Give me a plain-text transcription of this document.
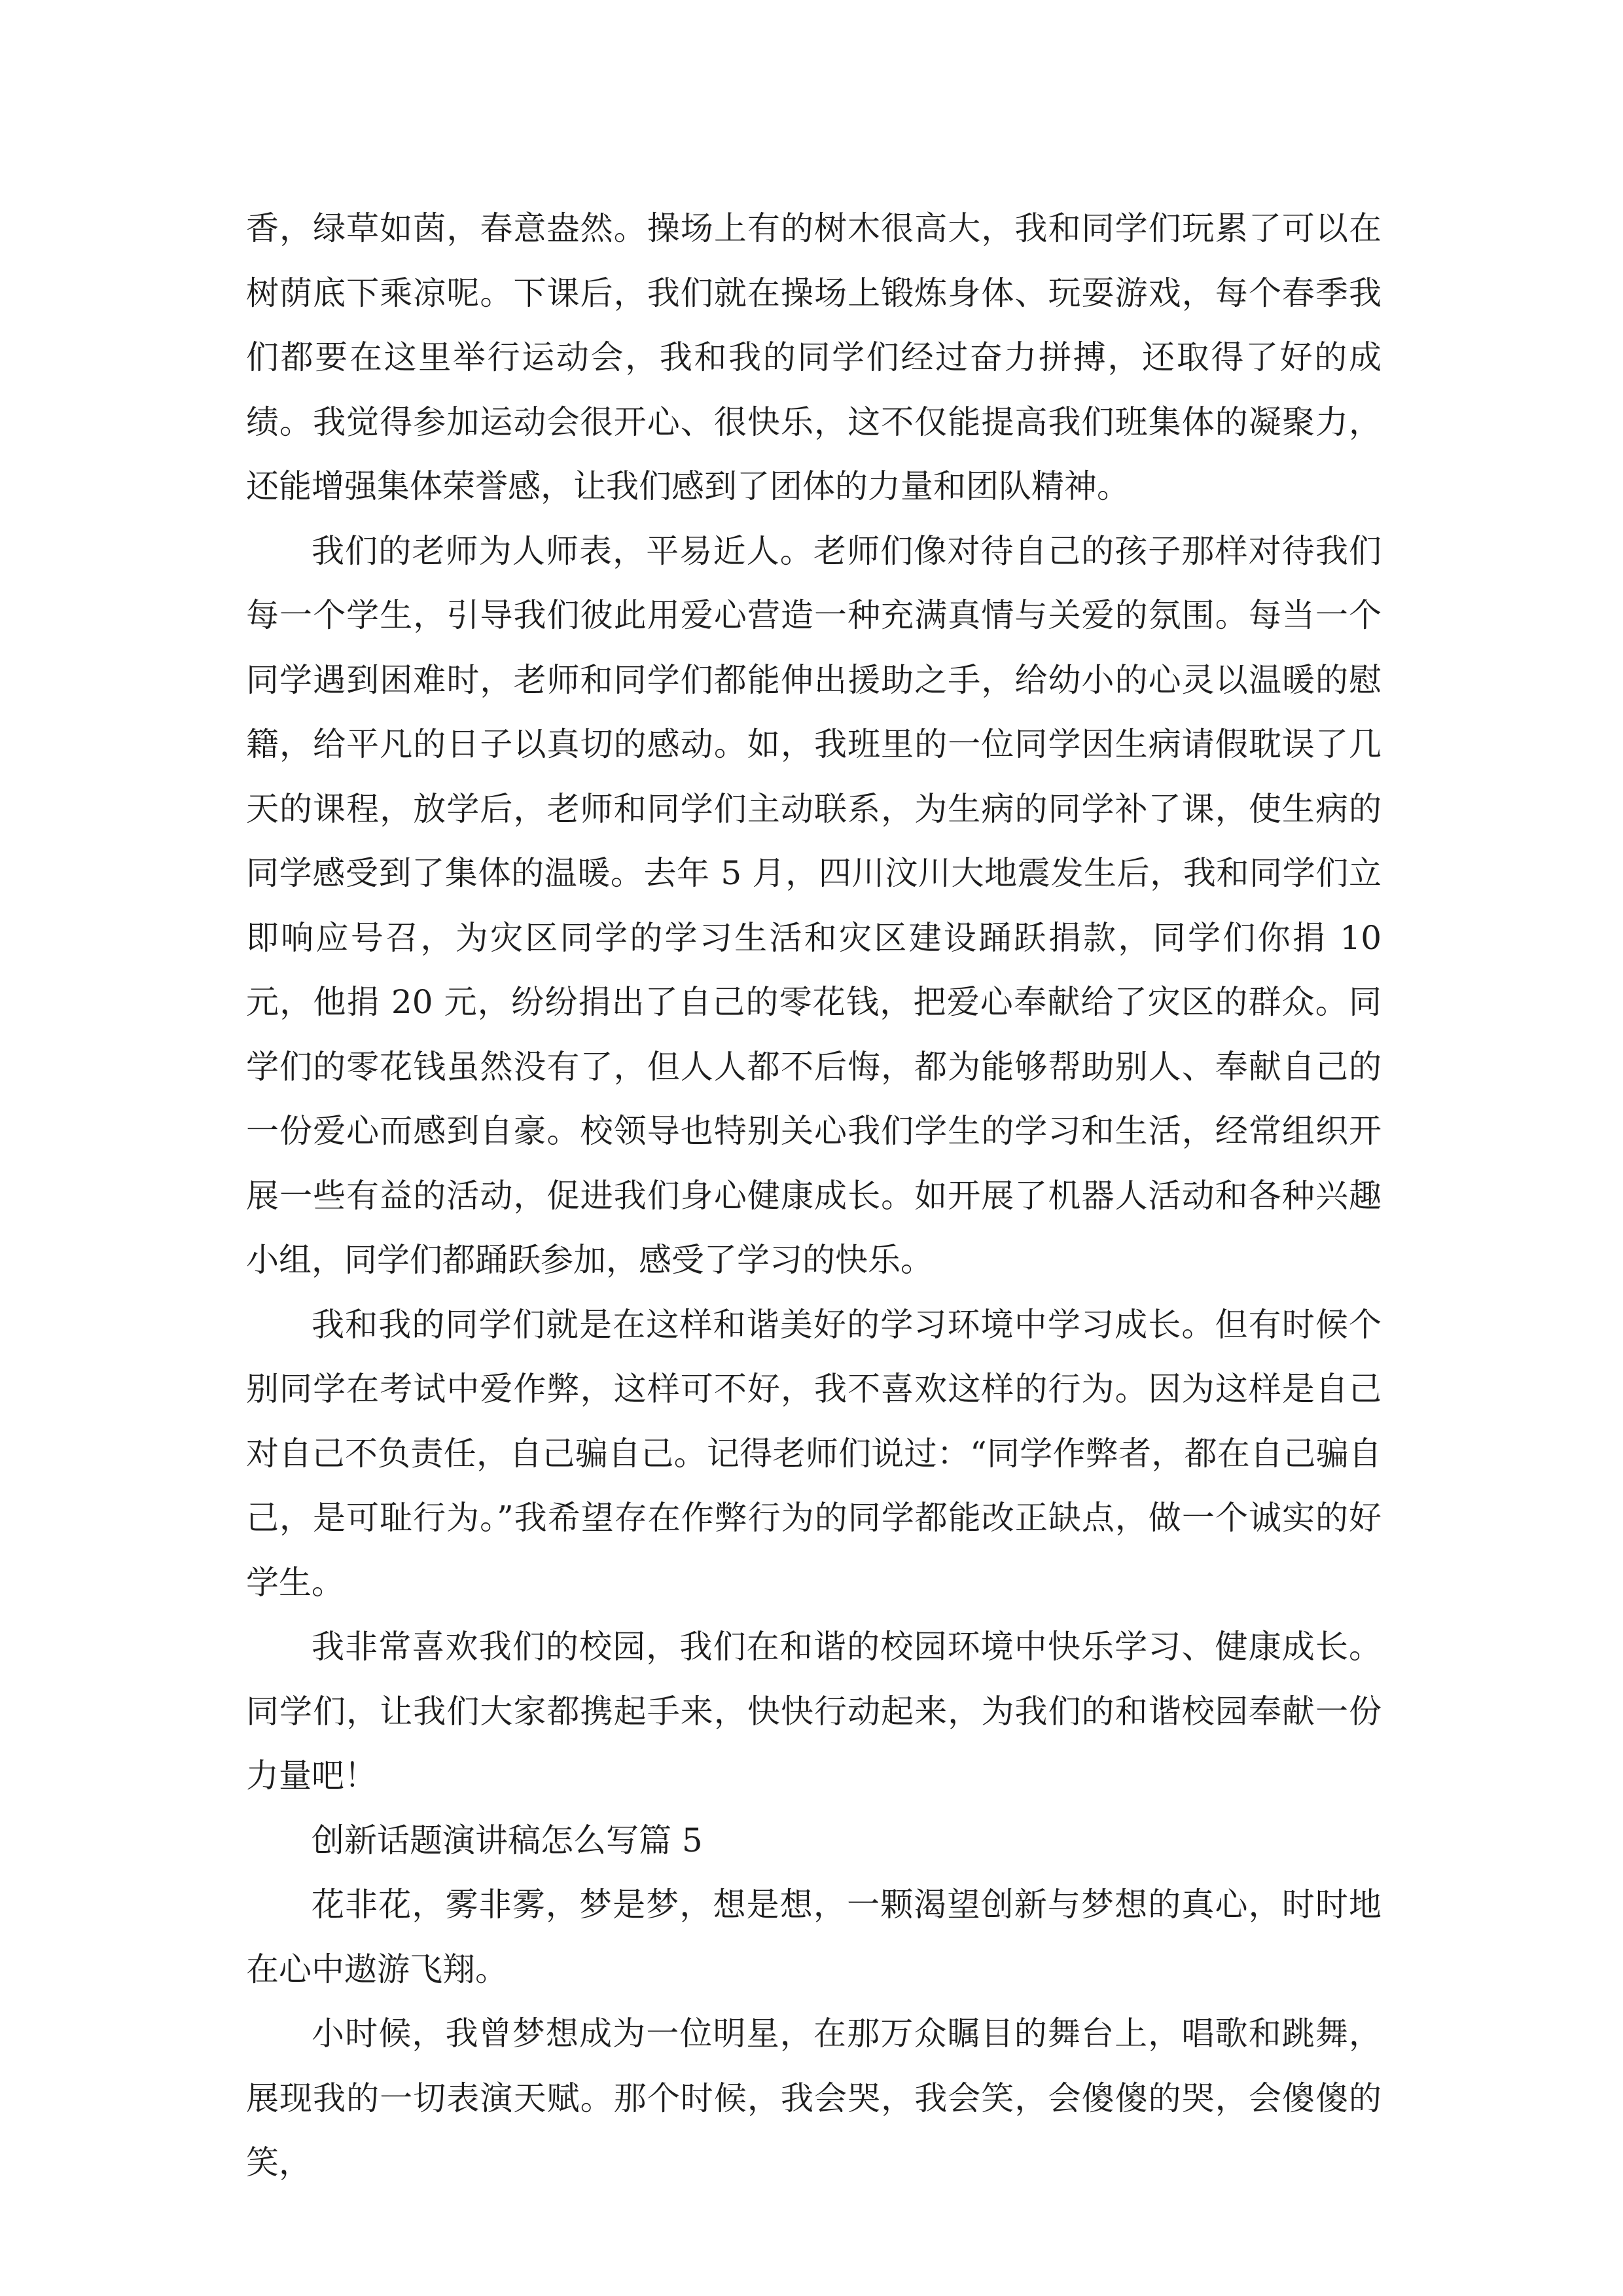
香，绿草如茵，春意盎然。操场上有的树木很高大，我和同学们玩累了可以在树荫底下乘凉呢。下课后，我们就在操场上锻炼身体、玩耍游戏，每个春季我们都要在这里举行运动会，我和我的同学们经过奋力拼搏，还取得了好的成绩。我觉得参加运动会很开心、很快乐，这不仅能提高我们班集体的凝聚力，还能增强集体荣誉感，让我们感到了团体的力量和团队精神。

我们的老师为人师表，平易近人。老师们像对待自己的孩子那样对待我们每一个学生，引导我们彼此用爱心营造一种充满真情与关爱的氛围。每当一个同学遇到困难时，老师和同学们都能伸出援助之手，给幼小的心灵以温暖的慰籍，给平凡的日子以真切的感动。如，我班里的一位同学因生病请假耽误了几天的课程，放学后，老师和同学们主动联系，为生病的同学补了课，使生病的同学感受到了集体的温暖。去年 5 月，四川汶川大地震发生后，我和同学们立即响应号召，为灾区同学的学习生活和灾区建设踊跃捐款，同学们你捐 10 元，他捐 20 元，纷纷捐出了自己的零花钱，把爱心奉献给了灾区的群众。同学们的零花钱虽然没有了，但人人都不后悔，都为能够帮助别人、奉献自己的一份爱心而感到自豪。校领导也特别关心我们学生的学习和生活，经常组织开展一些有益的活动，促进我们身心健康成长。如开展了机器人活动和各种兴趣小组，同学们都踊跃参加，感受了学习的快乐。

我和我的同学们就是在这样和谐美好的学习环境中学习成长。但有时候个别同学在考试中爱作弊，这样可不好，我不喜欢这样的行为。因为这样是自己对自己不负责任，自己骗自己。记得老师们说过：“同学作弊者，都在自己骗自己，是可耻行为。”我希望存在作弊行为的同学都能改正缺点，做一个诚实的好学生。

我非常喜欢我们的校园，我们在和谐的校园环境中快乐学习、健康成长。同学们，让我们大家都携起手来，快快行动起来，为我们的和谐校园奉献一份力量吧！

创新话题演讲稿怎么写篇 5

花非花，雾非雾，梦是梦，想是想，一颗渴望创新与梦想的真心，时时地在心中遨游飞翔。

小时候，我曾梦想成为一位明星，在那万众瞩目的舞台上，唱歌和跳舞，展现我的一切表演天赋。那个时候，我会哭，我会笑，会傻傻的哭，会傻傻的笑，
